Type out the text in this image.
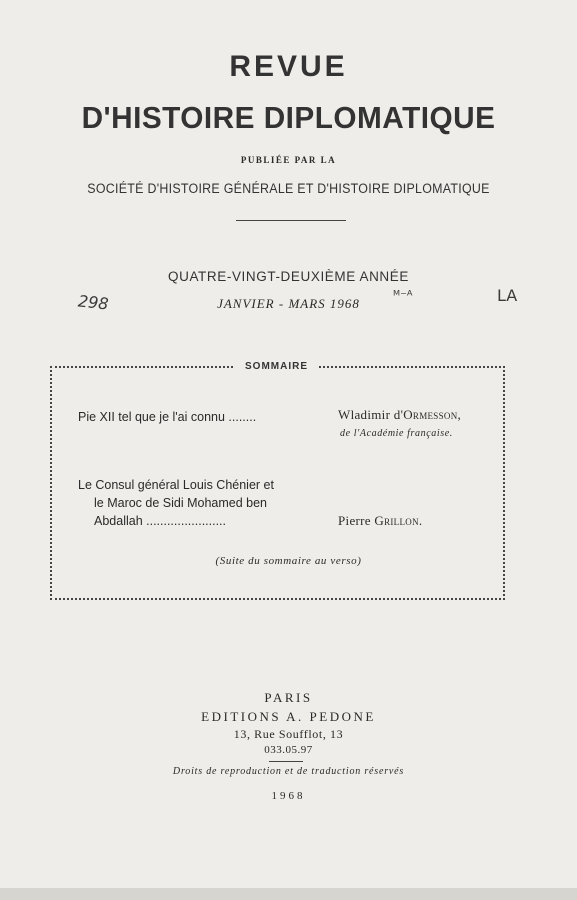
REVUE
D'HISTOIRE DIPLOMATIQUE
PUBLIÉE PAR LA
SOCIÉTÉ D'HISTOIRE GÉNÉRALE ET D'HISTOIRE DIPLOMATIQUE
QUATRE-VINGT-DEUXIÈME ANNÉE
JANVIER - MARS 1968
298	ᴹ⁻ᴬ	LA
SOMMAIRE
Pie XII tel que je l'ai connu ........	Wladimir d'Ormesson,
de l'Académie française.
Le Consul général Louis Chénier et
le Maroc de Sidi Mohamed ben
Abdallah .......................	Pierre Grillon.
(Suite du sommaire au verso)
PARIS
EDITIONS A. PEDONE
13, Rue Soufflot, 13
033.05.97
Droits de reproduction et de traduction réservés
1968
